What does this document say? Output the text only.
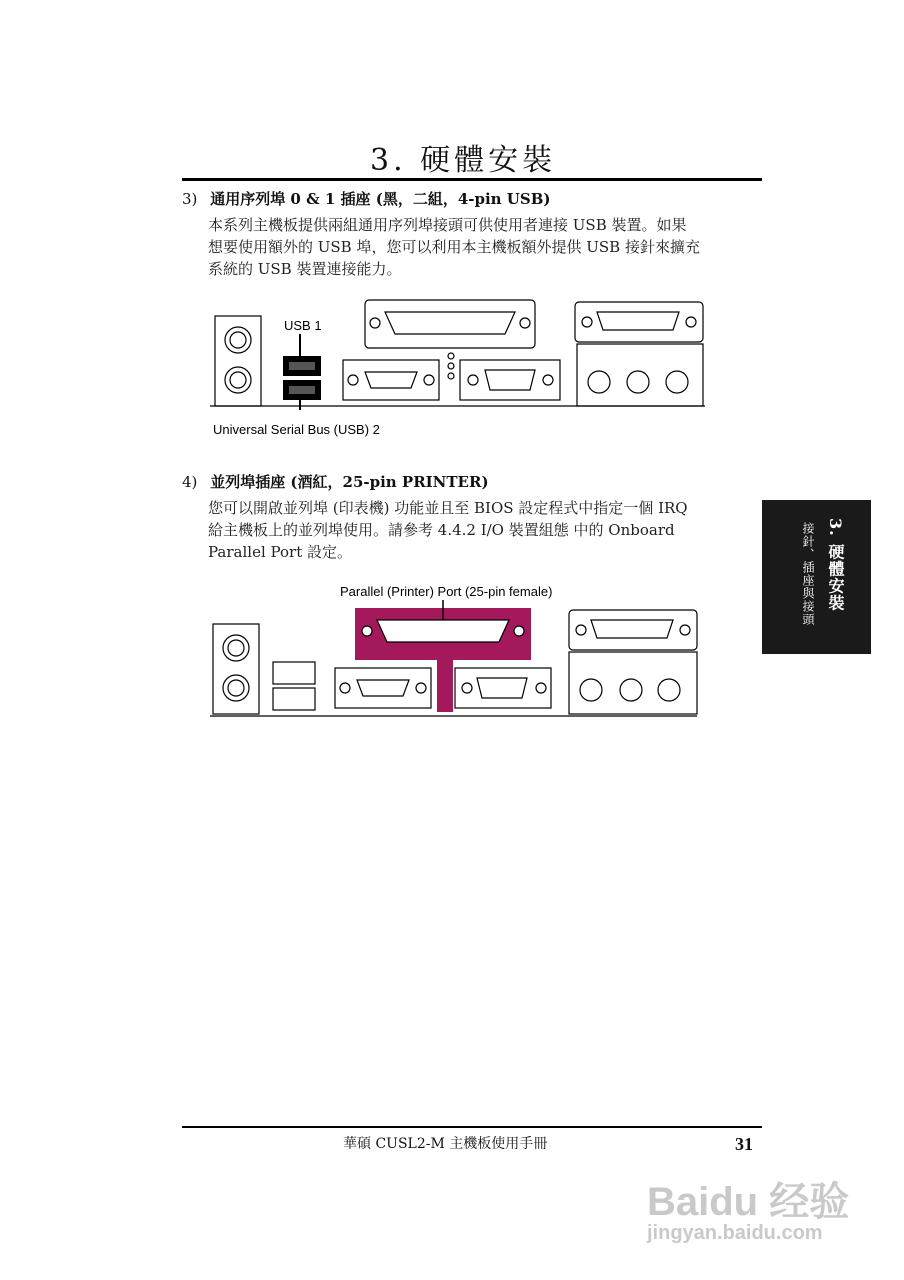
3. 硬體安裝
3) 通用序列埠 0 & 1 插座 (黑，二組，4-pin USB)
本系列主機板提供兩組通用序列埠接頭可供使用者連接 USB 裝置。如果
想要使用額外的 USB 埠，您可以利用本主機板額外提供 USB 接針來擴充
系統的 USB 裝置連接能力。
USB 1
Universal Serial Bus (USB) 2
4) 並列埠插座 (酒紅，25-pin PRINTER)
您可以開啟並列埠 (印表機) 功能並且至 BIOS 設定程式中指定一個 IRQ
給主機板上的並列埠使用。請參考 4.4.2 I/O 裝置組態 中的 Onboard
Parallel Port 設定。
Parallel (Printer) Port (25-pin female)	3. 硬體安裝
接針、插座與接頭
華碩 CUSL2-M 主機板使用手冊	31
Baidu 经验
jingyan.baidu.com
